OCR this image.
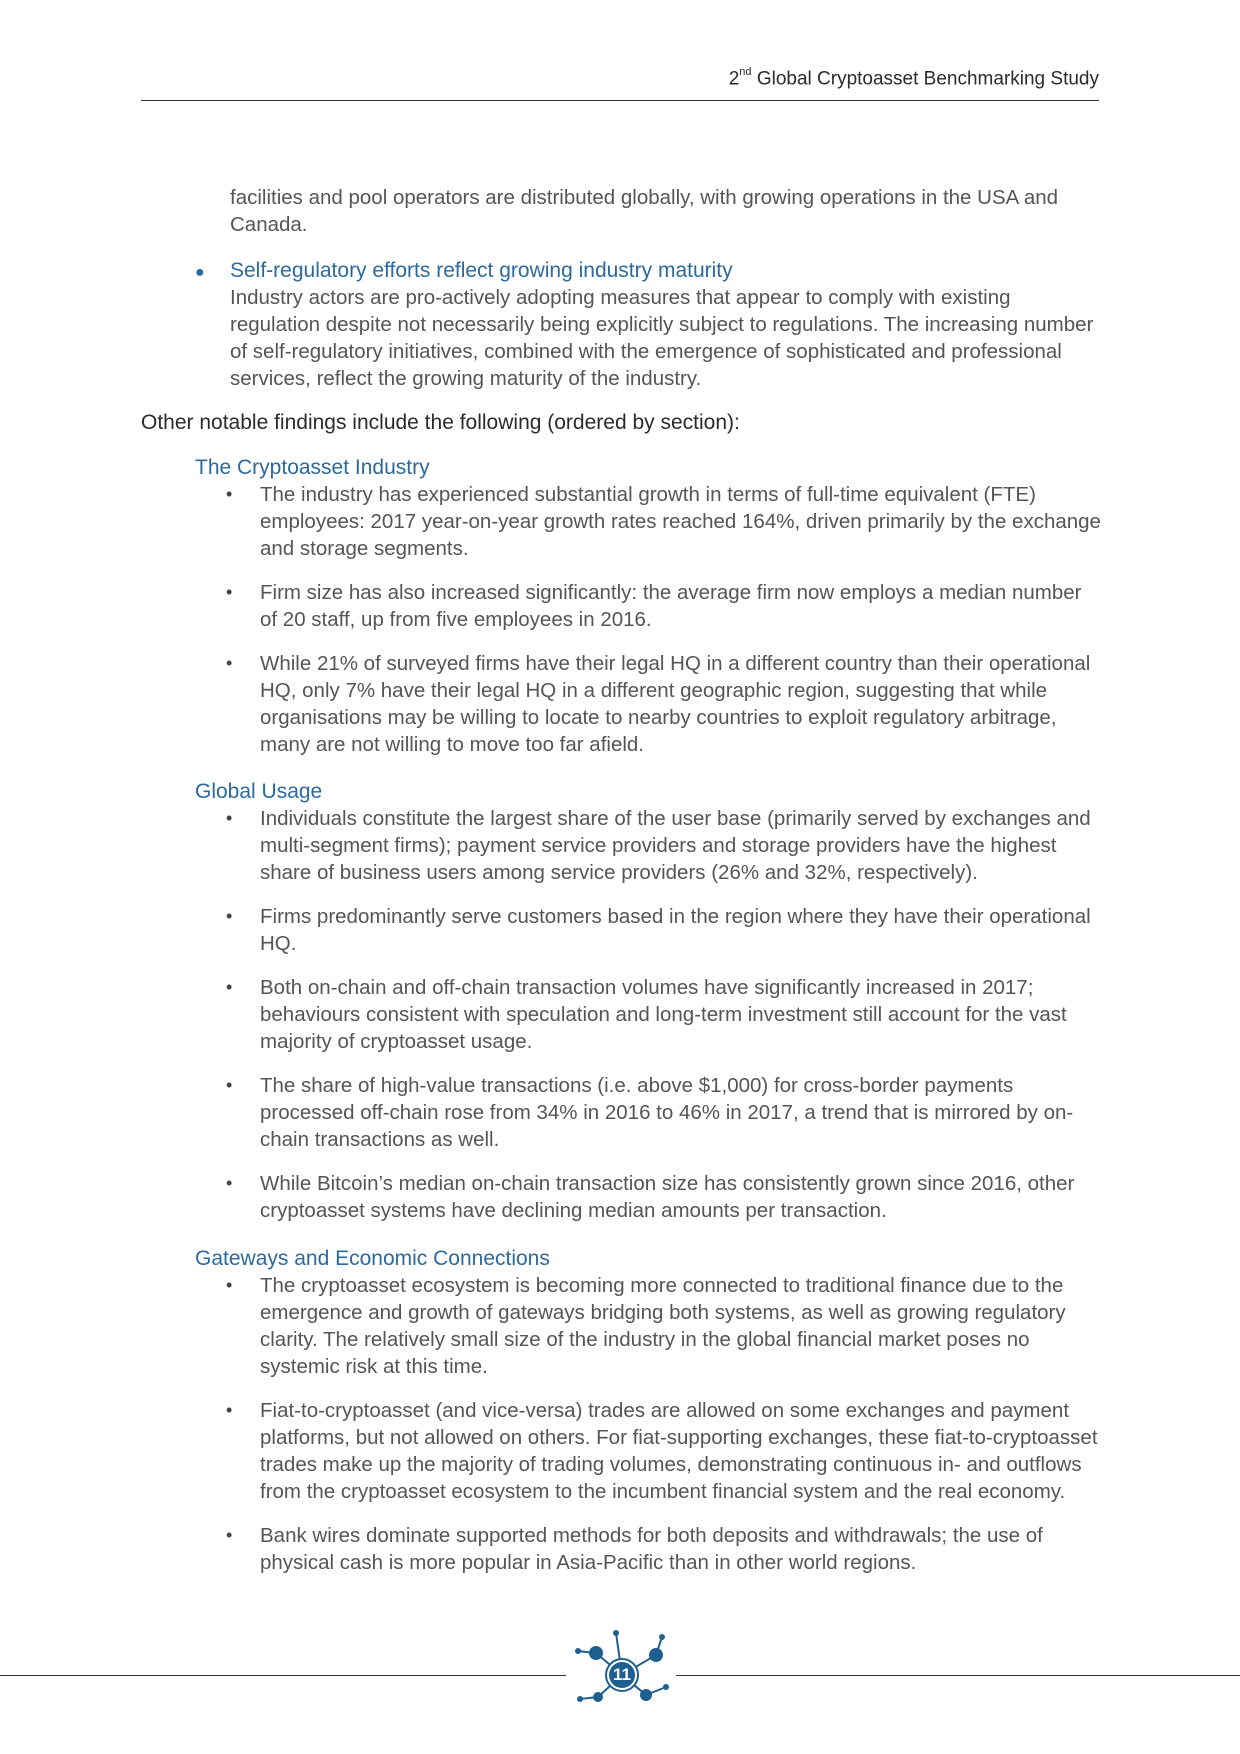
2nd Global Cryptoasset Benchmarking Study
facilities and pool operators are distributed globally, with growing operations in the USA and Canada.
● Self-regulatory efforts reflect growing industry maturity
Industry actors are pro-actively adopting measures that appear to comply with existing regulation despite not necessarily being explicitly subject to regulations. The increasing number of self-regulatory initiatives, combined with the emergence of sophisticated and professional services, reflect the growing maturity of the industry.
Other notable findings include the following (ordered by section):
The Cryptoasset Industry
• The industry has experienced substantial growth in terms of full-time equivalent (FTE) employees: 2017 year-on-year growth rates reached 164%, driven primarily by the exchange and storage segments.
• Firm size has also increased significantly: the average firm now employs a median number of 20 staff, up from five employees in 2016.
• While 21% of surveyed firms have their legal HQ in a different country than their operational HQ, only 7% have their legal HQ in a different geographic region, suggesting that while organisations may be willing to locate to nearby countries to exploit regulatory arbitrage, many are not willing to move too far afield.
Global Usage
• Individuals constitute the largest share of the user base (primarily served by exchanges and multi-segment firms); payment service providers and storage providers have the highest share of business users among service providers (26% and 32%, respectively).
• Firms predominantly serve customers based in the region where they have their operational HQ.
• Both on-chain and off-chain transaction volumes have significantly increased in 2017; behaviours consistent with speculation and long-term investment still account for the vast majority of cryptoasset usage.
• The share of high-value transactions (i.e. above $1,000) for cross-border payments processed off-chain rose from 34% in 2016 to 46% in 2017, a trend that is mirrored by on-chain transactions as well.
• While Bitcoin’s median on-chain transaction size has consistently grown since 2016, other cryptoasset systems have declining median amounts per transaction.
Gateways and Economic Connections
• The cryptoasset ecosystem is becoming more connected to traditional finance due to the emergence and growth of gateways bridging both systems, as well as growing regulatory clarity. The relatively small size of the industry in the global financial market poses no systemic risk at this time.
• Fiat-to-cryptoasset (and vice-versa) trades are allowed on some exchanges and payment platforms, but not allowed on others. For fiat-supporting exchanges, these fiat-to-cryptoasset trades make up the majority of trading volumes, demonstrating continuous in- and outflows from the cryptoasset ecosystem to the incumbent financial system and the real economy.
• Bank wires dominate supported methods for both deposits and withdrawals; the use of physical cash is more popular in Asia-Pacific than in other world regions.
11
